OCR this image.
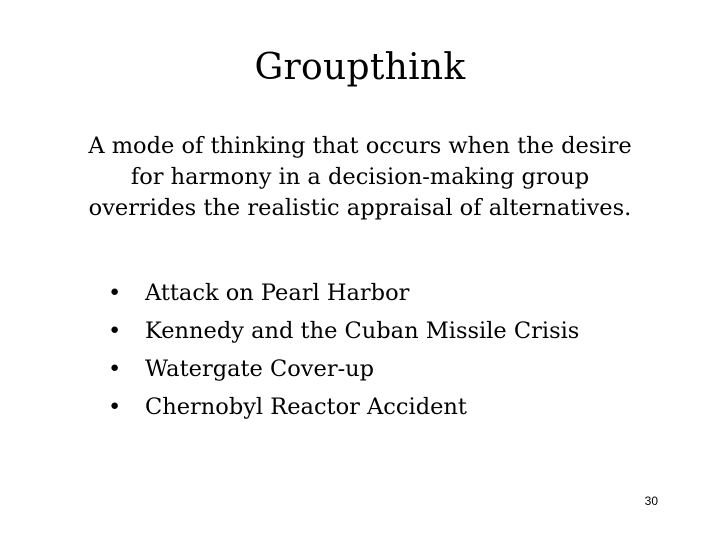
Groupthink
A mode of thinking that occurs when the desire
for harmony in a decision-making group
overrides the realistic appraisal of alternatives.
• Attack on Pearl Harbor
• Kennedy and the Cuban Missile Crisis
• Watergate Cover-up
• Chernobyl Reactor Accident
30
